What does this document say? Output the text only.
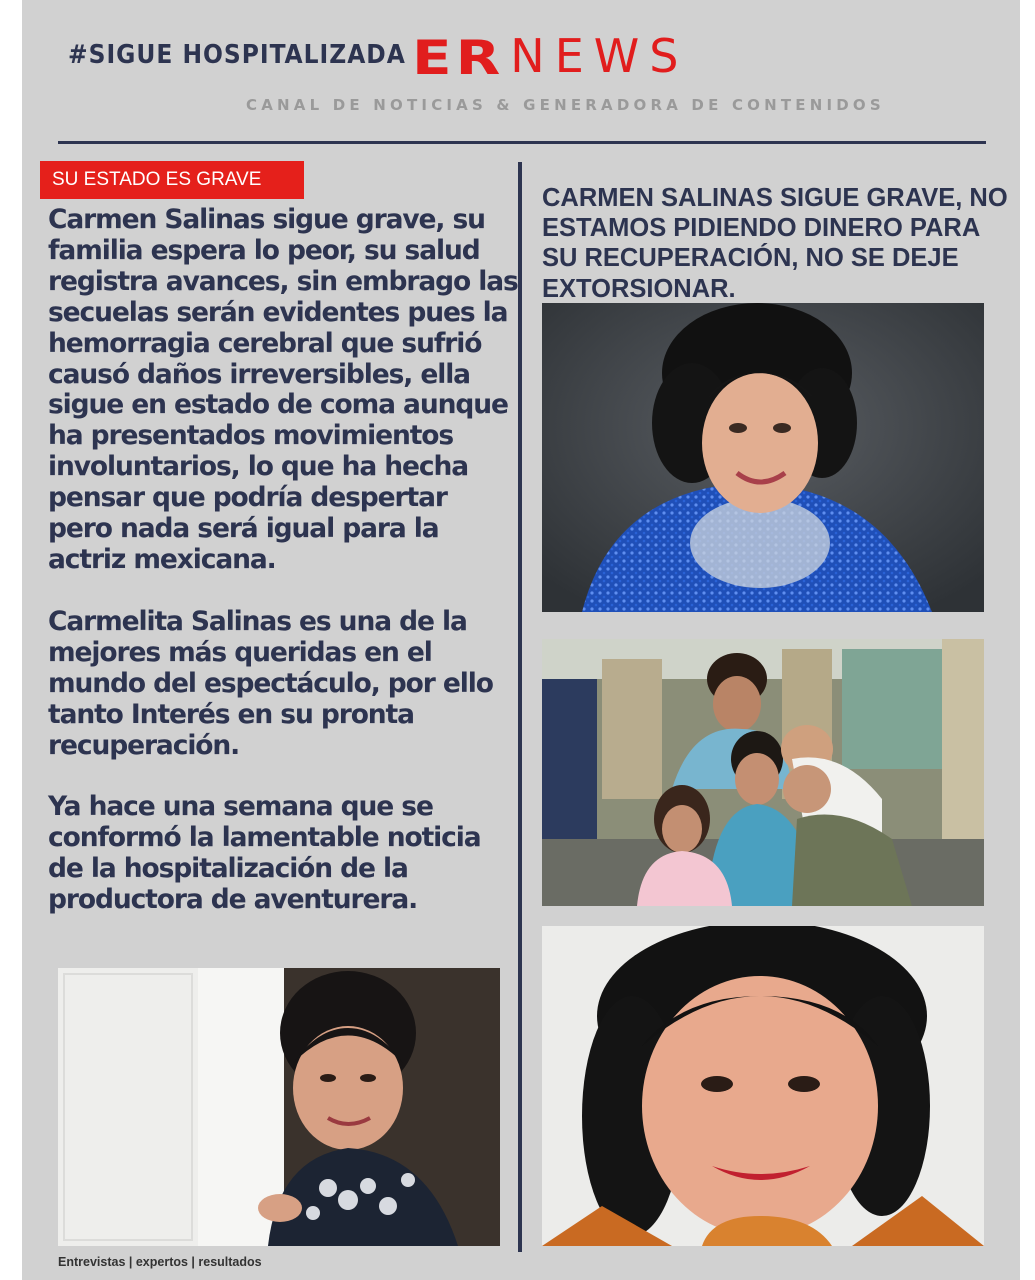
#SIGUE HOSPITALIZADA ER NEWS
CANAL DE NOTICIAS & GENERADORA DE CONTENIDOS
SU ESTADO ES GRAVE

Carmen Salinas sigue grave, su familia espera lo peor, su salud registra avances, sin embrago las secuelas serán evidentes pues la hemorragia cerebral que sufrió causó daños irreversibles, ella sigue en estado de coma aunque ha presentados movimientos involuntarios, lo que ha hecha pensar que podría despertar pero nada será igual para la actriz mexicana.

Carmelita Salinas es una de la mejores más queridas en el mundo del espectáculo, por ello tanto Interés en su pronta recuperación.

Ya hace una semana que se conformó la lamentable noticia de la hospitalización de la productora de aventurera.

CARMEN SALINAS SIGUE GRAVE, NO ESTAMOS PIDIENDO DINERO PARA SU RECUPERACIÓN, NO SE DEJE EXTORSIONAR.
Entrevistas | expertos | resultados
